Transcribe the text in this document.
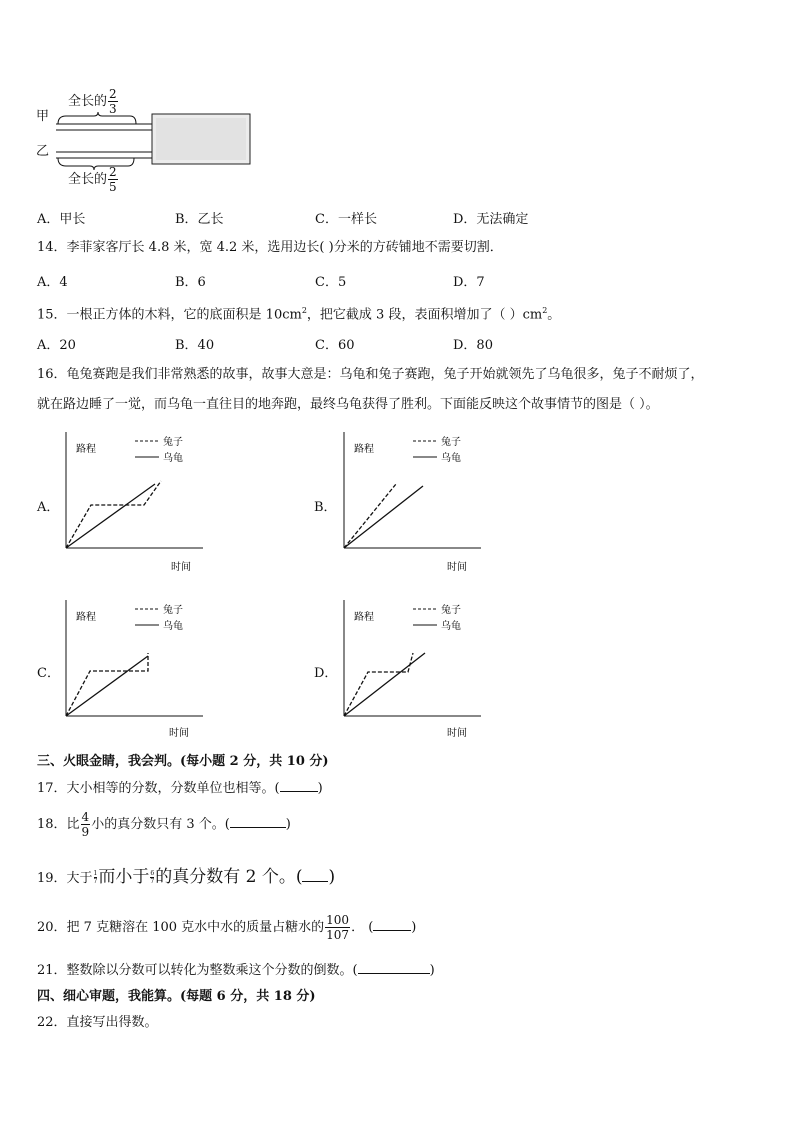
甲
乙
全长的 $\frac{2}{3}$
全长的 $\frac{2}{5}$
A．甲长	B．乙长	C．一样长	D．无法确定
14．李菲家客厅长 4.8 米，宽 4.2 米，选用边长( )分米的方砖铺地不需要切割．
A．4	B．6	C．5	D．7
15．一根正方体的木料，它的底面积是 $10cm^2$，把它截成 3 段，表面积增加了（ ）$cm^2$。
A．20	B．40	C．60	D．80
16．龟兔赛跑是我们非常熟悉的故事，故事大意是：乌龟和兔子赛跑，兔子开始就领先了乌龟很多，兔子不耐烦了，
就在路边睡了一觉，而乌龟一直往目的地奔跑，最终乌龟获得了胜利。下面能反映这个故事情节的图是（ ）。
A．	B．
C．	D．
路程
兔子
乌龟
时间
路程
兔子
乌龟
时间
路程
兔子
乌龟
时间
路程
兔子
乌龟
时间
三、火眼金睛，我会判。(每小题 2 分，共 10 分)
17．大小相等的分数，分数单位也相等。(	)
18．比 $\frac{4}{9}$ 小的真分数只有 3 个。(	)
19．大于 $\frac{1}{7}$ 而小于 $\frac{6}{7}$ 的真分数有 2 个。( )
20．把 7 克糖溶在 100 克水中水的质量占糖水的 $\frac{100}{107}$ ． (	)
21．整数除以分数可以转化为整数乘这个分数的倒数。(	)
四、细心审题，我能算。(每题 6 分，共 18 分)
22．直接写出得数。
